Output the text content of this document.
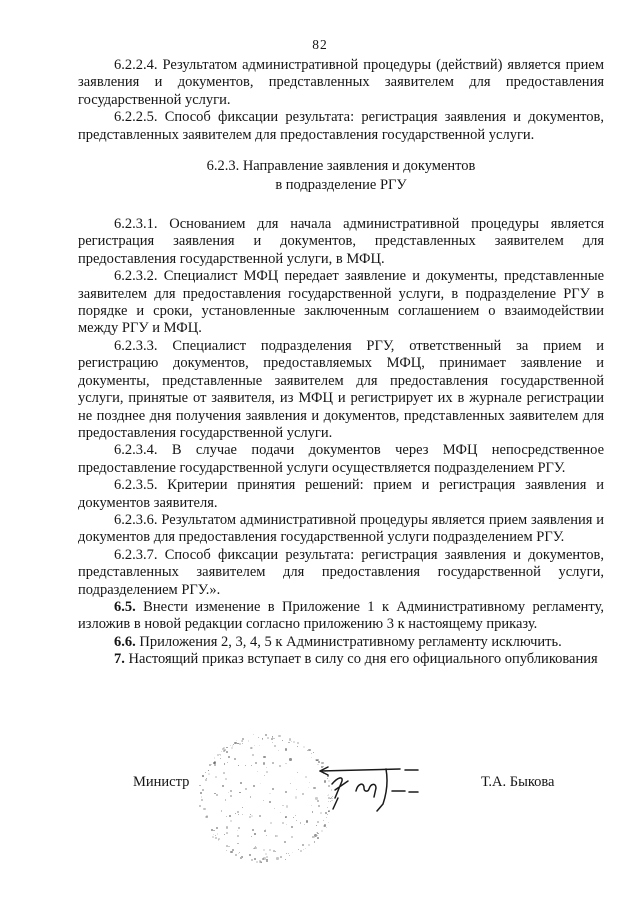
82

6.2.2.4. Результатом административной процедуры (действий) является прием заявления и документов, представленных заявителем для предоставления государственной услуги.

6.2.2.5. Способ фиксации результата: регистрация заявления и документов, представленных заявителем для предоставления государственной услуги.

6.2.3. Направление заявления и документов
в подразделение РГУ

6.2.3.1. Основанием для начала административной процедуры является регистрация заявления и документов, представленных заявителем для предоставления государственной услуги, в МФЦ.

6.2.3.2. Специалист МФЦ передает заявление и документы, представленные заявителем для предоставления государственной услуги, в подразделение РГУ в порядке и сроки, установленные заключенным соглашением о взаимодействии между РГУ и МФЦ.

6.2.3.3. Специалист подразделения РГУ, ответственный за прием и регистрацию документов, предоставляемых МФЦ, принимает заявление и документы, представленные заявителем для предоставления государственной услуги, принятые от заявителя, из МФЦ и регистрирует их в журнале регистрации не позднее дня получения заявления и документов, представленных заявителем для предоставления государственной услуги.

6.2.3.4. В случае подачи документов через МФЦ непосредственное предоставление государственной услуги осуществляется подразделением РГУ.

6.2.3.5. Критерии принятия решений: прием и регистрация заявления и документов заявителя.

6.2.3.6. Результатом административной процедуры является прием заявления и документов для предоставления государственной услуги подразделением РГУ.

6.2.3.7. Способ фиксации результата: регистрация заявления и документов, представленных заявителем для предоставления государственной услуги, подразделением РГУ.».

6.5. Внести изменение в Приложение 1 к Административному регламенту, изложив в новой редакции согласно приложению 3 к настоящему приказу.

6.6. Приложения 2, 3, 4, 5 к Административному регламенту исключить.

7. Настоящий приказ вступает в силу со дня его официального опубликования

Министр	Т.А. Быкова
